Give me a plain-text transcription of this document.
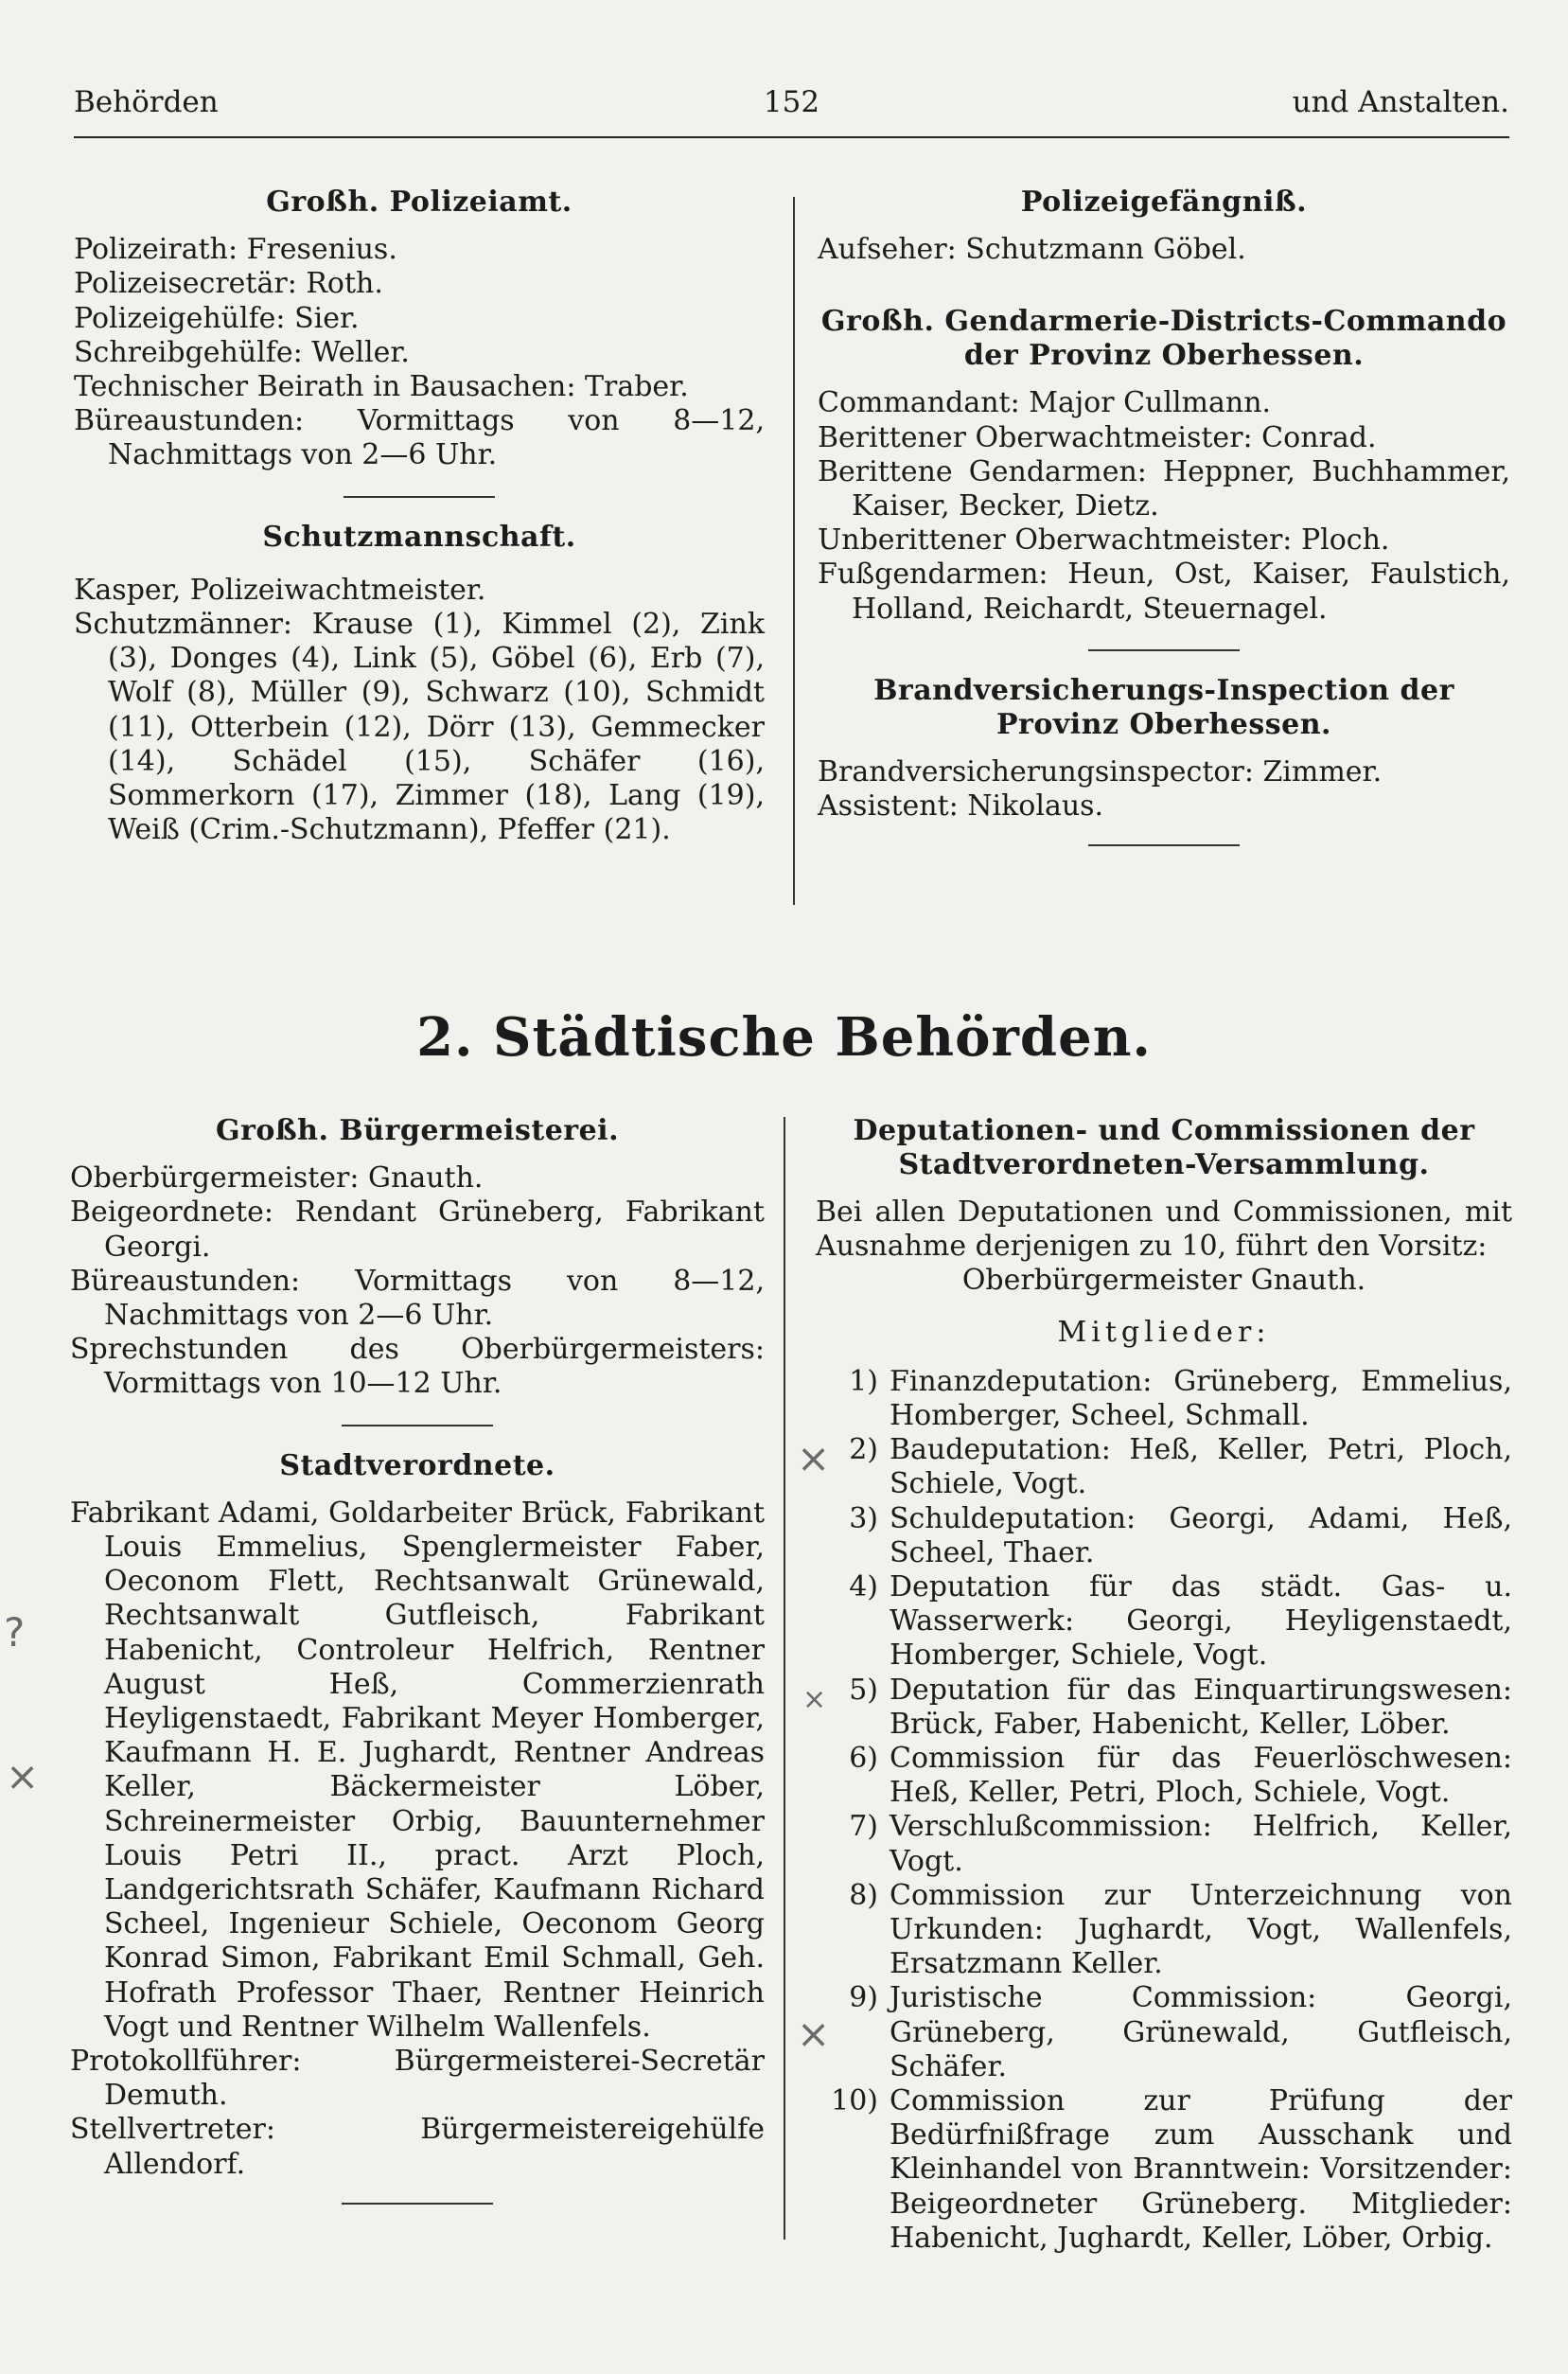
Behörden	152	und Anstalten.

Großh. Polizeiamt.

Polizeirath: Fresenius.

Polizeisecretär: Roth.

Polizeigehülfe: Sier.

Schreibgehülfe: Weller.

Technischer Beirath in Bausachen: Traber.

Büreaustunden: Vormittags von 8—12, Nachmittags von 2—6 Uhr.

Schutzmannschaft.

Kasper, Polizeiwachtmeister.

Schutzmänner: Krause (1), Kimmel (2), Zink (3), Donges (4), Link (5), Göbel (6), Erb (7), Wolf (8), Müller (9), Schwarz (10), Schmidt (11), Otterbein (12), Dörr (13), Gemmecker (14), Schädel (15), Schäfer (16), Sommerkorn (17), Zimmer (18), Lang (19), Weiß (Crim.-Schutzmann), Pfeffer (21).

Polizeigefängniß.

Aufseher: Schutzmann Göbel.

Großh. Gendarmerie-Districts-Commando der Provinz Oberhessen.

Commandant: Major Cullmann.

Berittener Oberwachtmeister: Conrad.

Berittene Gendarmen: Heppner, Buchhammer, Kaiser, Becker, Dietz.

Unberittener Oberwachtmeister: Ploch.

Fußgendarmen: Heun, Ost, Kaiser, Faulstich, Holland, Reichardt, Steuernagel.

Brandversicherungs-Inspection der Provinz Oberhessen.

Brandversicherungsinspector: Zimmer.

Assistent: Nikolaus.

2. Städtische Behörden.

Großh. Bürgermeisterei.

Oberbürgermeister: Gnauth.

Beigeordnete: Rendant Grüneberg, Fabrikant Georgi.

Büreaustunden: Vormittags von 8—12, Nachmittags von 2—6 Uhr.

Sprechstunden des Oberbürgermeisters: Vormittags von 10—12 Uhr.

Stadtverordnete.

Fabrikant Adami, Goldarbeiter Brück, Fabrikant Louis Emmelius, Spenglermeister Faber, Oeconom Flett, Rechtsanwalt Grünewald, Rechtsanwalt Gutfleisch, Fabrikant Habenicht, Controleur Helfrich, Rentner August Heß, Commerzienrath Heyligenstaedt, Fabrikant Meyer Homberger, Kaufmann H. E. Jughardt, Rentner Andreas Keller, Bäckermeister Löber, Schreinermeister Orbig, Bauunternehmer Louis Petri II., pract. Arzt Ploch, Landgerichtsrath Schäfer, Kaufmann Richard Scheel, Ingenieur Schiele, Oeconom Georg Konrad Simon, Fabrikant Emil Schmall, Geh. Hofrath Professor Thaer, Rentner Heinrich Vogt und Rentner Wilhelm Wallenfels.

Protokollführer: Bürgermeisterei-Secretär Demuth.

Stellvertreter: Bürgermeistereigehülfe Allendorf.

Deputationen- und Commissionen der Stadtverordneten-Versammlung.

Bei allen Deputationen und Commissionen, mit Ausnahme derjenigen zu 10, führt den Vorsitz:

Oberbürgermeister Gnauth.

Mitglieder:

1) Finanzdeputation: Grüneberg, Emmelius, Homberger, Scheel, Schmall.
2) Baudeputation: Heß, Keller, Petri, Ploch, Schiele, Vogt.
3) Schuldeputation: Georgi, Adami, Heß, Scheel, Thaer.
4) Deputation für das städt. Gas- u. Wasserwerk: Georgi, Heyligenstaedt, Homberger, Schiele, Vogt.
5) Deputation für das Einquartirungswesen: Brück, Faber, Habenicht, Keller, Löber.
6) Commission für das Feuerlöschwesen: Heß, Keller, Petri, Ploch, Schiele, Vogt.
7) Verschlußcommission: Helfrich, Keller, Vogt.
8) Commission zur Unterzeichnung von Urkunden: Jughardt, Vogt, Wallenfels, Ersatzmann Keller.
9) Juristische Commission: Georgi, Grüneberg, Grünewald, Gutfleisch, Schäfer.
10) Commission zur Prüfung der Bedürfnißfrage zum Ausschank und Kleinhandel von Branntwein: Vorsitzender: Beigeordneter Grüneberg. Mitglieder: Habenicht, Jughardt, Keller, Löber, Orbig.
?
×
×
×
×
